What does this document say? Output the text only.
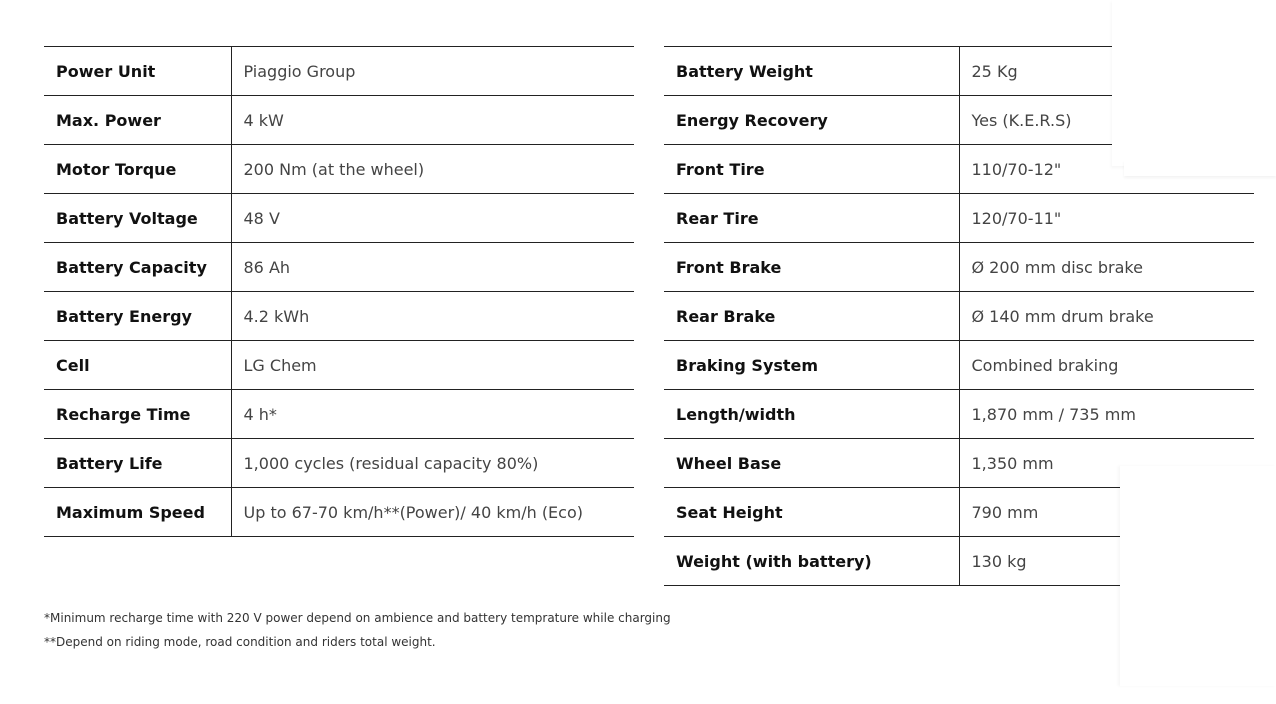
Power Unit	Piaggio Group
Max. Power	4 kW
Motor Torque	200 Nm (at the wheel)
Battery Voltage	48 V
Battery Capacity	86 Ah
Battery Energy	4.2 kWh
Cell	LG Chem
Recharge Time	4 h*
Battery Life	1,000 cycles (residual capacity 80%)
Maximum Speed	Up to 67-70 km/h**(Power)/ 40 km/h (Eco)
Battery Weight	25 Kg
Energy Recovery	Yes (K.E.R.S)
Front Tire	110/70-12"
Rear Tire	120/70-11"
Front Brake	Ø 200 mm disc brake
Rear Brake	Ø 140 mm drum brake
Braking System	Combined braking
Length/width	1,870 mm / 735 mm
Wheel Base	1,350 mm
Seat Height	790 mm
Weight (with battery)	130 kg
*Minimum recharge time with 220 V power depend on ambience and battery temprature while charging
**Depend on riding mode, road condition and riders total weight.
